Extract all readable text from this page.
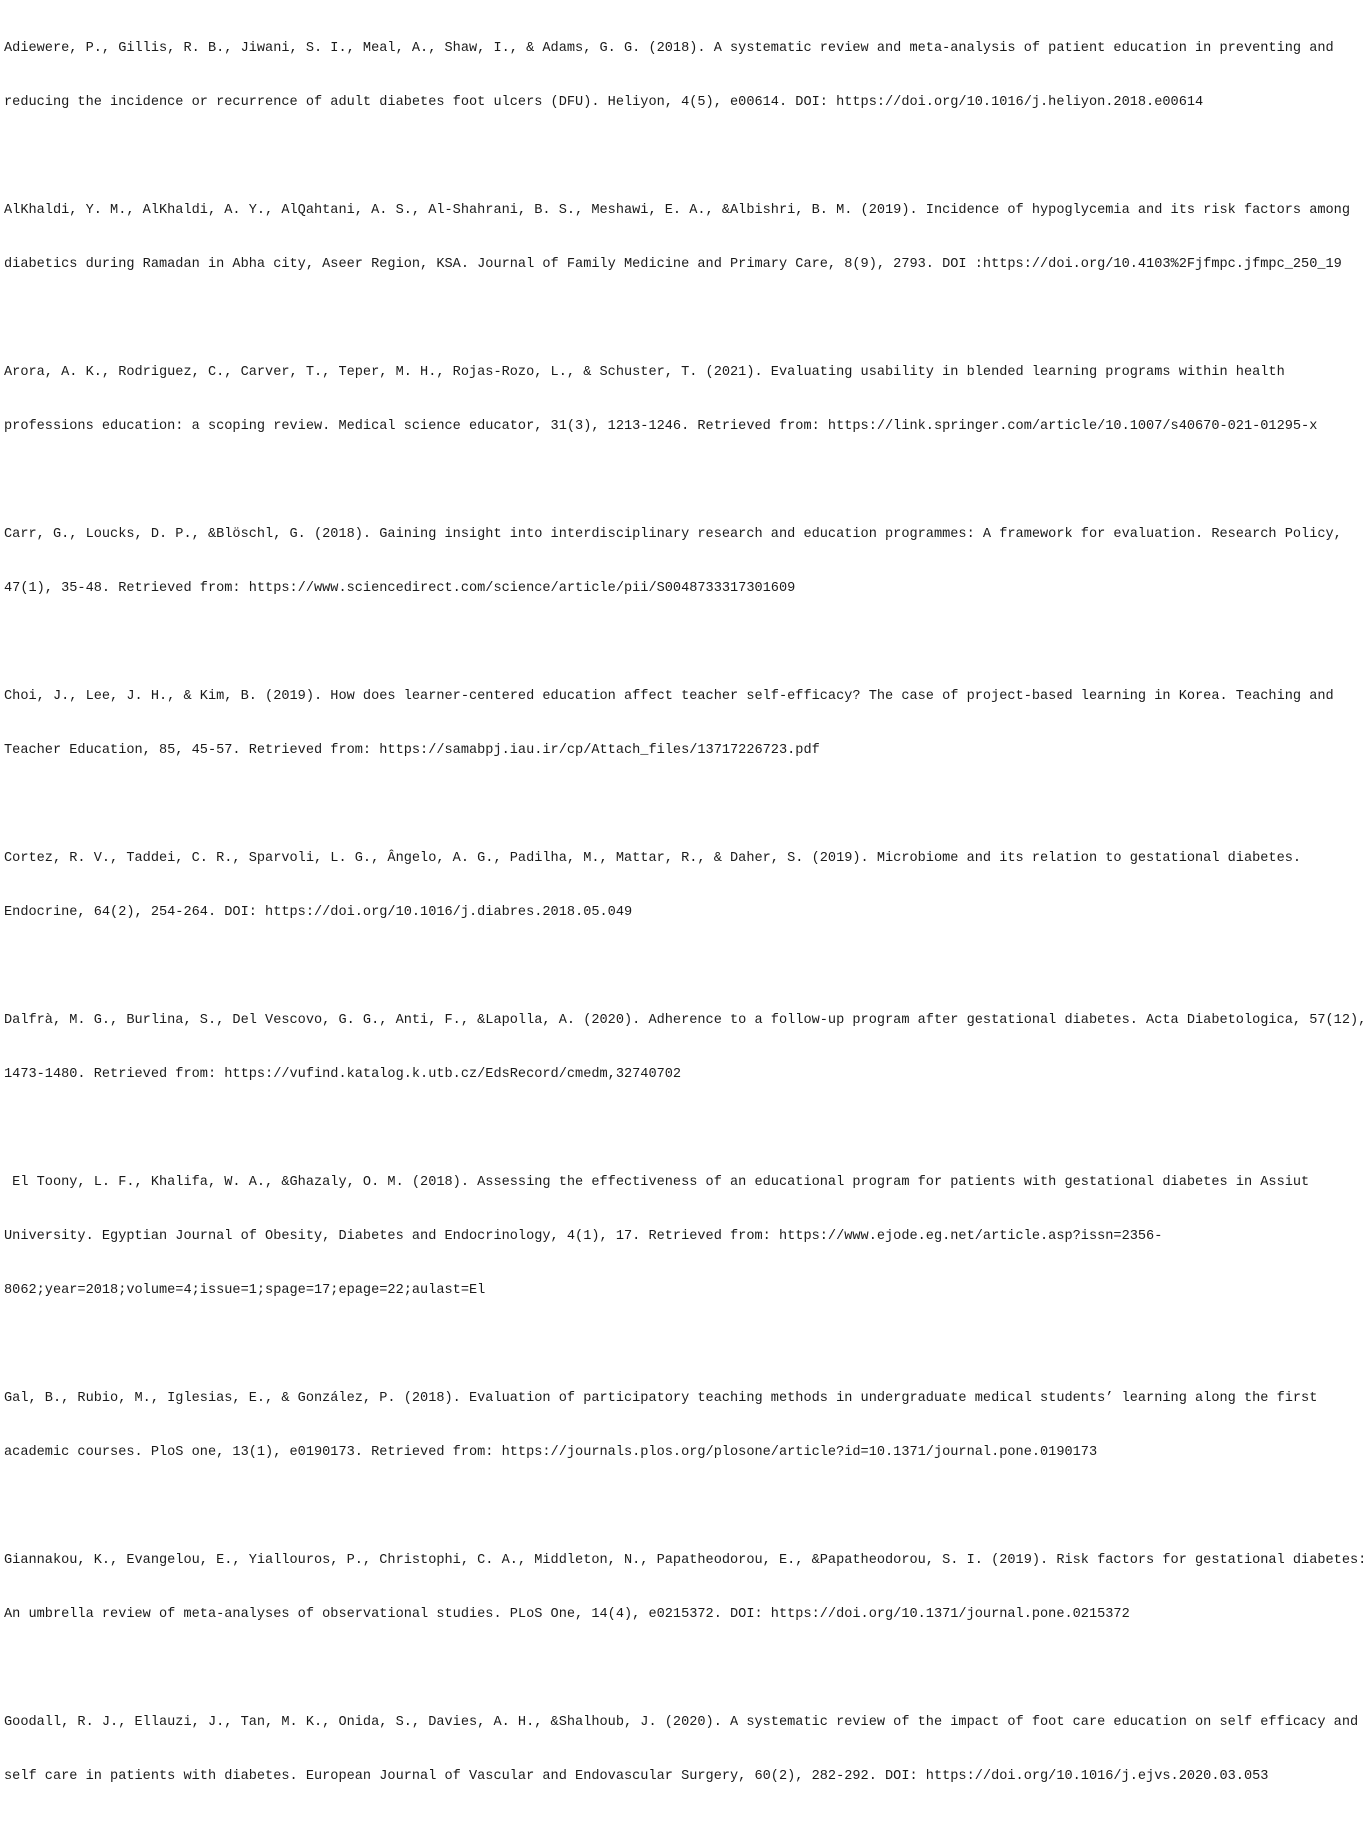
Adiewere, P., Gillis, R. B., Jiwani, S. I., Meal, A., Shaw, I., & Adams, G. G. (2018). A systematic review and meta-analysis of patient education in preventing and

reducing the incidence or recurrence of adult diabetes foot ulcers (DFU). Heliyon, 4(5), e00614. DOI: https://doi.org/10.1016/j.heliyon.2018.e00614

AlKhaldi, Y. M., AlKhaldi, A. Y., AlQahtani, A. S., Al-Shahrani, B. S., Meshawi, E. A., &Albishri, B. M. (2019). Incidence of hypoglycemia and its risk factors among

diabetics during Ramadan in Abha city, Aseer Region, KSA. Journal of Family Medicine and Primary Care, 8(9), 2793. DOI :https://doi.org/10.4103%2Fjfmpc.jfmpc_250_19

Arora, A. K., Rodriguez, C., Carver, T., Teper, M. H., Rojas-Rozo, L., & Schuster, T. (2021). Evaluating usability in blended learning programs within health

professions education: a scoping review. Medical science educator, 31(3), 1213-1246. Retrieved from: https://link.springer.com/article/10.1007/s40670-021-01295-x

Carr, G., Loucks, D. P., &Blöschl, G. (2018). Gaining insight into interdisciplinary research and education programmes: A framework for evaluation. Research Policy,

47(1), 35-48. Retrieved from: https://www.sciencedirect.com/science/article/pii/S0048733317301609

Choi, J., Lee, J. H., & Kim, B. (2019). How does learner-centered education affect teacher self-efficacy? The case of project-based learning in Korea. Teaching and

Teacher Education, 85, 45-57. Retrieved from: https://samabpj.iau.ir/cp/Attach_files/13717226723.pdf

Cortez, R. V., Taddei, C. R., Sparvoli, L. G., Ângelo, A. G., Padilha, M., Mattar, R., & Daher, S. (2019). Microbiome and its relation to gestational diabetes.

Endocrine, 64(2), 254-264. DOI: https://doi.org/10.1016/j.diabres.2018.05.049

Dalfrà, M. G., Burlina, S., Del Vescovo, G. G., Anti, F., &Lapolla, A. (2020). Adherence to a follow-up program after gestational diabetes. Acta Diabetologica, 57(12),

1473-1480. Retrieved from: https://vufind.katalog.k.utb.cz/EdsRecord/cmedm,32740702

El Toony, L. F., Khalifa, W. A., &Ghazaly, O. M. (2018). Assessing the effectiveness of an educational program for patients with gestational diabetes in Assiut

University. Egyptian Journal of Obesity, Diabetes and Endocrinology, 4(1), 17. Retrieved from: https://www.ejode.eg.net/article.asp?issn=2356-

8062;year=2018;volume=4;issue=1;spage=17;epage=22;aulast=El

Gal, B., Rubio, M., Iglesias, E., & González, P. (2018). Evaluation of participatory teaching methods in undergraduate medical students’ learning along the first

academic courses. PloS one, 13(1), e0190173. Retrieved from: https://journals.plos.org/plosone/article?id=10.1371/journal.pone.0190173

Giannakou, K., Evangelou, E., Yiallouros, P., Christophi, C. A., Middleton, N., Papatheodorou, E., &Papatheodorou, S. I. (2019). Risk factors for gestational diabetes:

An umbrella review of meta-analyses of observational studies. PLoS One, 14(4), e0215372. DOI: https://doi.org/10.1371/journal.pone.0215372

Goodall, R. J., Ellauzi, J., Tan, M. K., Onida, S., Davies, A. H., &Shalhoub, J. (2020). A systematic review of the impact of foot care education on self efficacy and

self care in patients with diabetes. European Journal of Vascular and Endovascular Surgery, 60(2), 282-292. DOI: https://doi.org/10.1016/j.ejvs.2020.03.053
